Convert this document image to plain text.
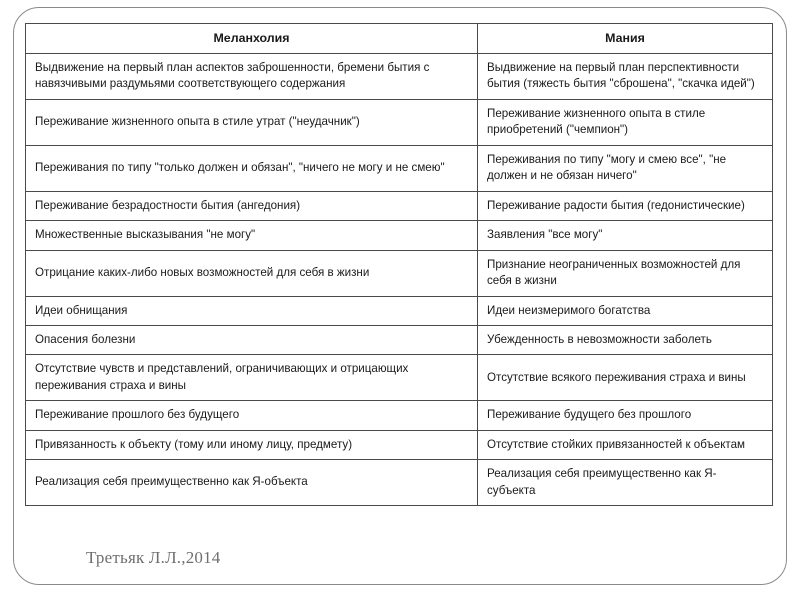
Меланхолия	Мания
Выдвижение на первый план аспектов заброшенности, бремени бытия с навязчивыми раздумьями соответствующего содержания	Выдвижение на первый план перспективности бытия (тяжесть бытия "сброшена", "скачка идей")
Переживание жизненного опыта в стиле утрат ("неудачник")	Переживание жизненного опыта в стиле приобретений ("чемпион")
Переживания по типу "только должен и обязан", "ничего не могу и не смею"	Переживания по типу "могу и смею все", "не должен и не обязан ничего"
Переживание безрадостности бытия (ангедония)	Переживание радости бытия (гедонистические)
Множественные высказывания "не могу"	Заявления "все могу"
Отрицание каких-либо новых возможностей для себя в жизни	Признание неограниченных возможностей для себя в жизни
Идеи обнищания	Идеи неизмеримого богатства
Опасения болезни	Убежденность в невозможности заболеть
Отсутствие чувств и представлений, ограничивающих и отрицающих переживания страха и вины	Отсутствие всякого переживания страха и вины
Переживание прошлого без будущего	Переживание будущего без прошлого
Привязанность к объекту (тому или иному лицу, предмету)	Отсутствие стойких привязанностей к объектам
Реализация себя преимущественно как Я-объекта	Реализация себя преимущественно как Я-субъекта
Третьяк Л.Л.,2014
